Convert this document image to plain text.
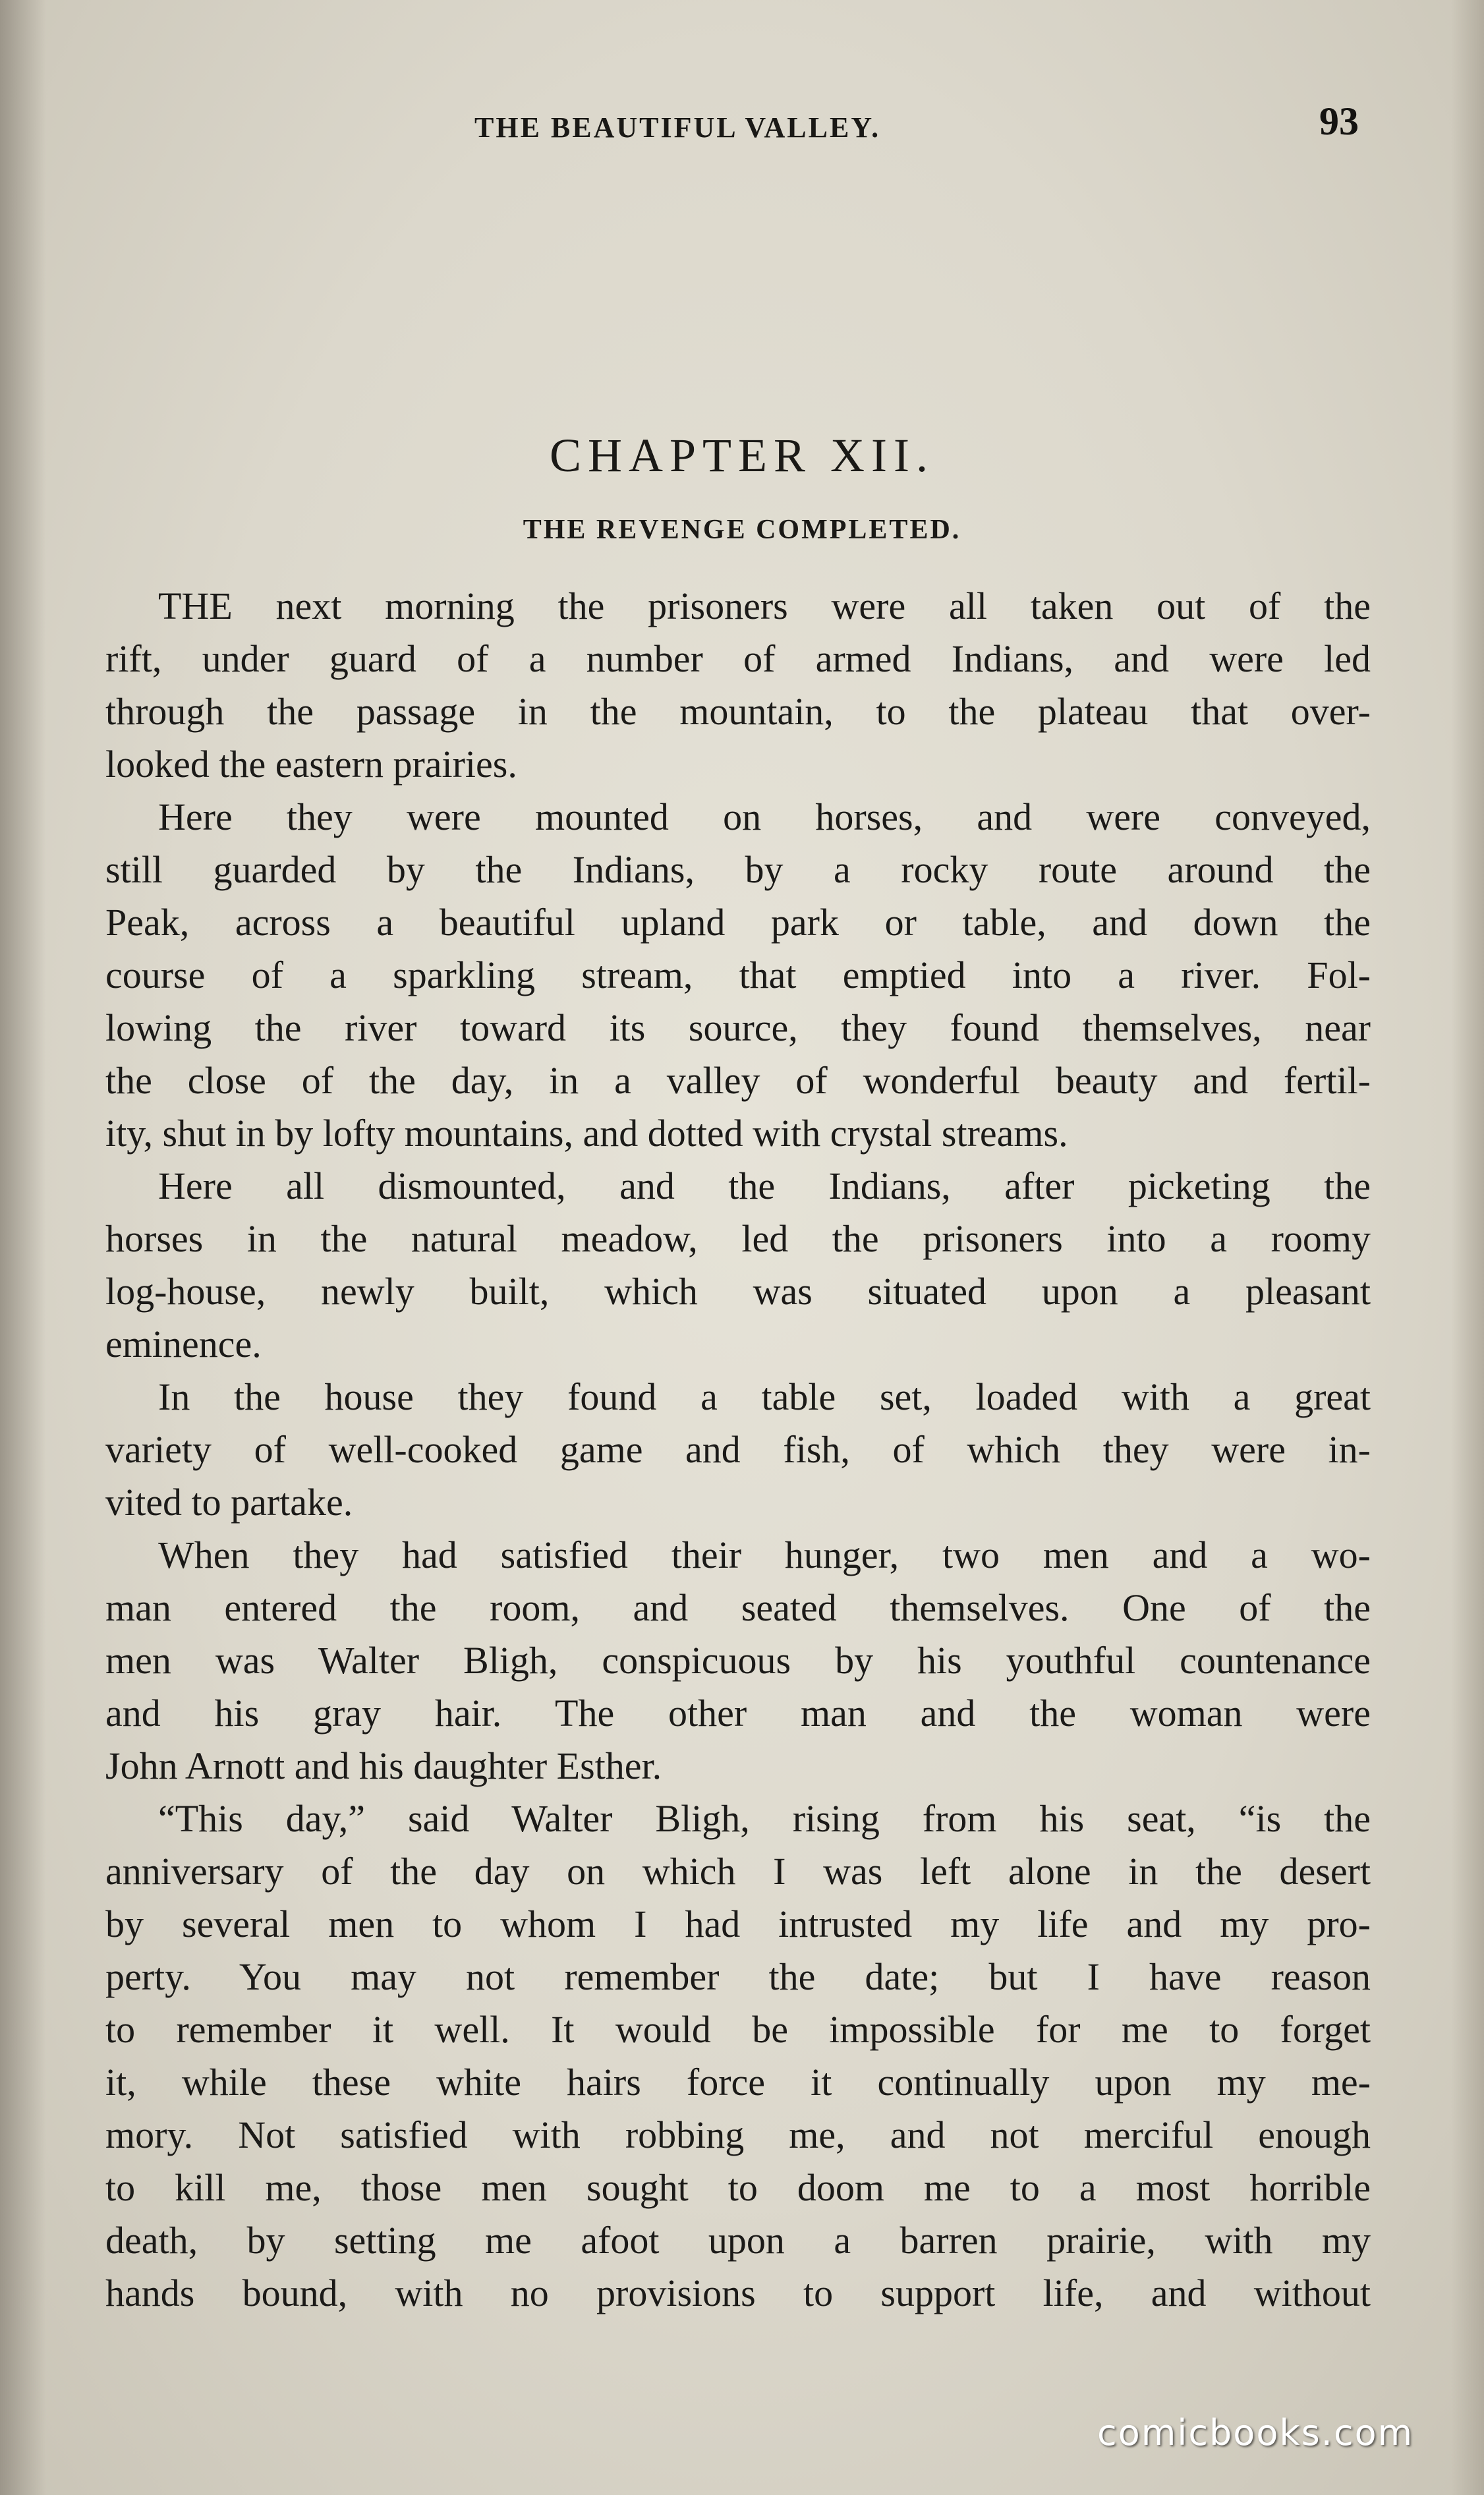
THE BEAUTIFUL VALLEY.	93
CHAPTER XII.
THE REVENGE COMPLETED.
THE next morning the prisoners were all taken out of the
rift, under guard of a number of armed Indians, and were led
through the passage in the mountain, to the plateau that over-
looked the eastern prairies.
Here they were mounted on horses, and were conveyed,
still guarded by the Indians, by a rocky route around the
Peak, across a beautiful upland park or table, and down the
course of a sparkling stream, that emptied into a river. Fol-
lowing the river toward its source, they found themselves, near
the close of the day, in a valley of wonderful beauty and fertil-
ity, shut in by lofty mountains, and dotted with crystal streams.
Here all dismounted, and the Indians, after picketing the
horses in the natural meadow, led the prisoners into a roomy
log-house, newly built, which was situated upon a pleasant
eminence.
In the house they found a table set, loaded with a great
variety of well-cooked game and fish, of which they were in-
vited to partake.
When they had satisfied their hunger, two men and a wo-
man entered the room, and seated themselves. One of the
men was Walter Bligh, conspicuous by his youthful countenance
and his gray hair. The other man and the woman were
John Arnott and his daughter Esther.
“This day,” said Walter Bligh, rising from his seat, “is the
anniversary of the day on which I was left alone in the desert
by several men to whom I had intrusted my life and my pro-
perty. You may not remember the date; but I have reason
to remember it well. It would be impossible for me to forget
it, while these white hairs force it continually upon my me-
mory. Not satisfied with robbing me, and not merciful enough
to kill me, those men sought to doom me to a most horrible
death, by setting me afoot upon a barren prairie, with my
hands bound, with no provisions to support life, and without
comicbooks.com
